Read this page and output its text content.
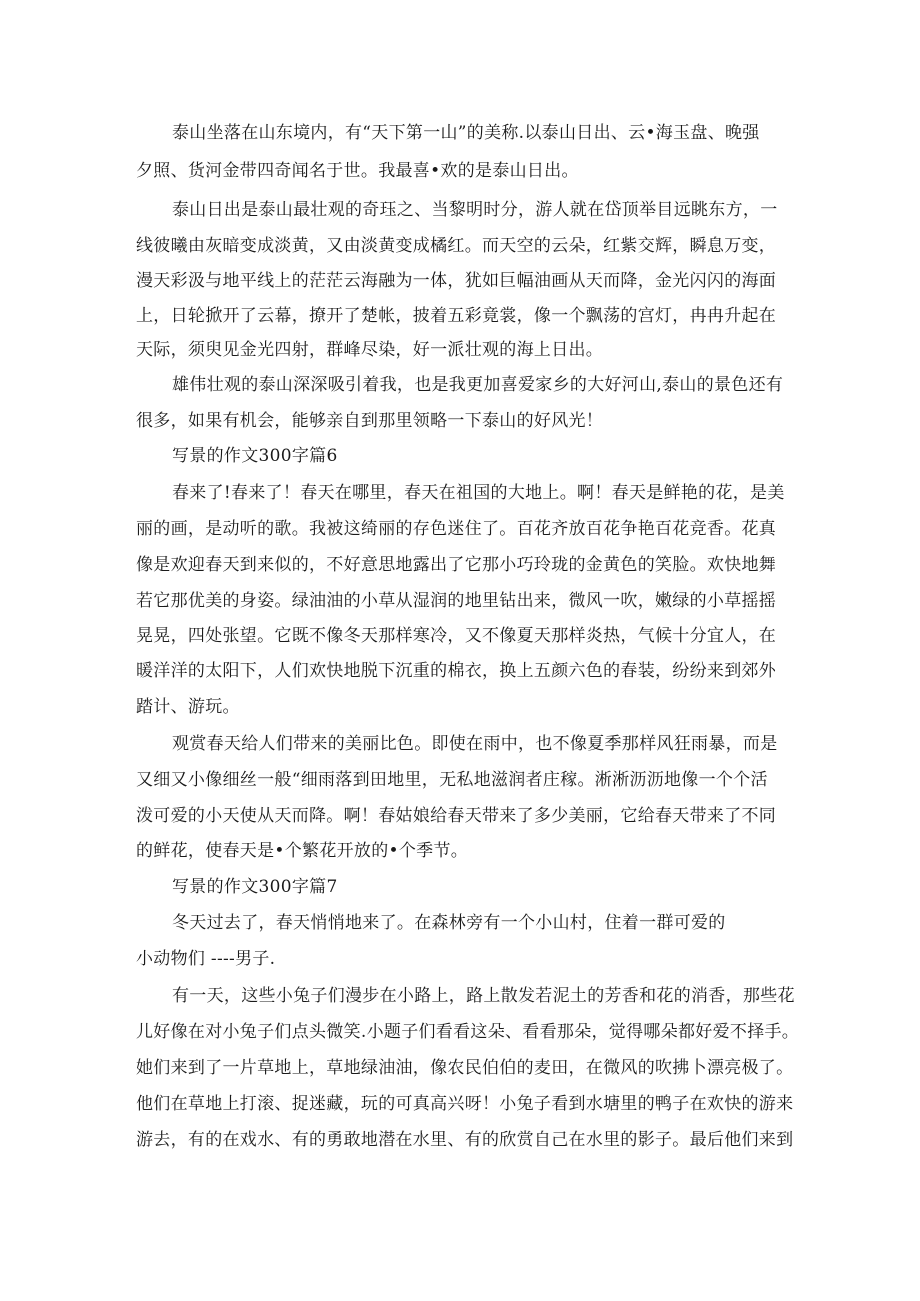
泰山坐落在山东境内，有“天下第一山”的美称.以泰山日出、云•海玉盘、晚强
夕照、货河金带四奇闻名于世。我最喜•欢的是泰山日出。
泰山日出是泰山最壮观的奇珏之、当黎明时分，游人就在岱顶举目远眺东方，一
线彼曦由灰暗变成淡黄，又由淡黄变成橘红。而天空的云朵，红紫交辉，瞬息万变，
漫天彩汲与地平线上的茫茫云海融为一体，犹如巨幅油画从天而降，金光闪闪的海面
上，日轮掀开了云幕，撩开了楚帐，披着五彩竟裳，像一个飘荡的宫灯，冉冉升起在
天际，须臾见金光四射，群峰尽染，好一派壮观的海上日出。
雄伟壮观的泰山深深吸引着我，也是我更加喜爱家乡的大好河山,泰山的景色还有
很多，如果有机会，能够亲自到那里领略一下泰山的好风光！
写景的作文300字篇6
春来了!春来了！春天在哪里，春天在祖国的大地上。啊！春天是鲜艳的花，是美
丽的画，是动听的歌。我被这绮丽的存色迷住了。百花齐放百花争艳百花竞香。花真
像是欢迎春天到来似的，不好意思地露出了它那小巧玲珑的金黄色的笑脸。欢快地舞
若它那优美的身姿。绿油油的小草从湿润的地里钻出来，微风一吹，嫩绿的小草摇摇
晃晃，四处张望。它既不像冬天那样寒冷，又不像夏天那样炎热，气候十分宜人，在
暖洋洋的太阳下，人们欢快地脱下沉重的棉衣，换上五颜六色的春装，纷纷来到郊外
踏计、游玩。
观赏春天给人们带来的美丽比色。即使在雨中，也不像夏季那样风狂雨暴，而是
又细又小像细丝一般“细雨落到田地里，无私地滋润者庄稼。淅淅沥沥地像一个个活
泼可爱的小天使从天而降。啊！春姑娘给春天带来了多少美丽，它给春天带来了不同
的鲜花，使春天是•个繁花开放的•个季节。
写景的作文300字篇7
冬天过去了，春天悄悄地来了。在森林旁有一个小山村，住着一群可爱的
小动物们 ----男子.
有一天，这些小兔子们漫步在小路上，路上散发若泥土的芳香和花的消香，那些花
儿好像在对小兔子们点头微笑.小题子们看看这朵、看看那朵，觉得哪朵都好爱不择手。
她们来到了一片草地上，草地绿油油，像农民伯伯的麦田，在微风的吹拂卜漂亮极了。
他们在草地上打滚、捉迷藏，玩的可真高兴呀！小兔子看到水塘里的鸭子在欢快的游来
游去，有的在戏水、有的勇敢地潜在水里、有的欣赏自己在水里的影子。最后他们来到
